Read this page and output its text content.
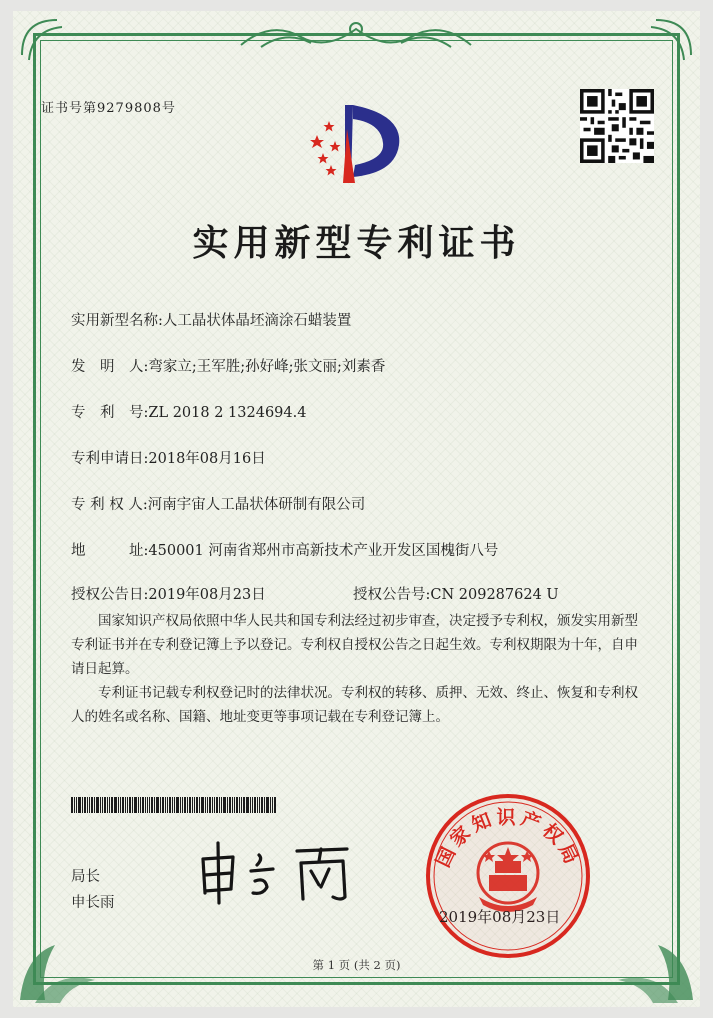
证书号第9279808号
实用新型专利证书
实用新型名称:人工晶状体晶坯滴涂石蜡装置
发　明　人:弯家立;王军胜;孙好峰;张文丽;刘素香
专　利　号:ZL 2018 2 1324694.4
专利申请日:2018年08月16日
专 利 权 人:河南宇宙人工晶状体研制有限公司
地　　　址:450001 河南省郑州市高新技术产业开发区国槐街八号
授权公告日:2019年08月23日	授权公告号:CN 209287624 U

国家知识产权局依照中华人民共和国专利法经过初步审查，决定授予专利权，颁发实用新型专利证书并在专利登记簿上予以登记。专利权自授权公告之日起生效。专利权期限为十年，自申请日起算。

专利证书记载专利权登记时的法律状况。专利权的转移、质押、无效、终止、恢复和专利权人的姓名或名称、国籍、地址变更等事项记载在专利登记簿上。

局长
申长雨
国家知识产权局
2019年08月23日
第 1 页 (共 2 页)
